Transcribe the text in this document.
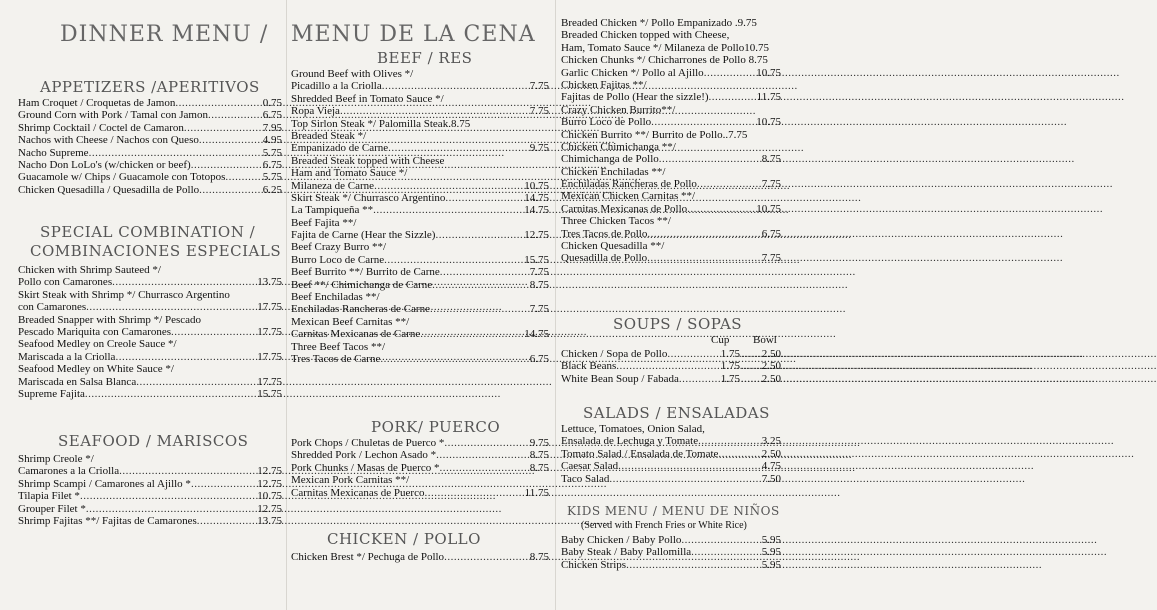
DINNER MENU /
APPETIZERS /APERITIVOS
Ham Croquet / Croquetas de Jamon .....	0.75
Ground Corn with Pork / Tamal con Jamon .....	6.75
Shrimp Cocktail / Coctel de Camaron .....	7.95
Nachos with Cheese / Nachos con Queso .....	4.95
Nacho Supreme .....	5.75
Nacho Don LoLo's (w/chicken or beef) .....	6.75
Guacamole w/ Chips / Guacamole con Totopos .....	5.75
Chicken Quesadilla / Quesadilla de Pollo .....	6.25
SPECIAL COMBINATION /
COMBINACIONES ESPECIALS
Chicken with Shrimp Sauteed */
Pollo con Camarones .....	13.75
Skirt Steak with Shrimp */ Churrasco Argentino
con Camarones .....	17.75
Breaded Snapper with Shrimp */ Pescado
Pescado Mariquita con Camarones .....	17.75
Seafood Medley on Creole Sauce */
Mariscada a la Criolla .....	17.75
Seafood Medley on White Sauce */
Mariscada en Salsa Blanca .....	17.75
Supreme Fajita .....	15.75
SEAFOOD / MARISCOS
Shrimp Creole */
Camarones a la Criolla .....	12.75
Shrimp Scampi / Camarones al Ajillo * .....	12.75
Tilapia Filet * .....	10.75
Grouper Filet * .....	12.75
Shrimp Fajitas **/ Fajitas de Camarones .....	13.75
MENU DE LA CENA
BEEF / RES
Ground Beef with Olives */
Picadillo a la Criolla .....	7.75
Shredded Beef in Tomato Sauce */
Ropa Vieja .....	7.75
Top Sirlon Steak */ Palomilla Steak.8.75
Breaded Steak */
Empanizado de Carne .....	9.75
Breaded Steak topped with Cheese
Ham and Tomato Sauce */
Milaneza de Carne .....	10.75
Skirt Steak */ Churrasco Argentino .....	14.75
La Tampiqueña ** .....	14.75
Beef Fajita **/
Fajita de Carne (Hear the Sizzle) .....	12.75
Beef Crazy Burro **/
Burro Loco de Carne .....	15.75
Beef Burrito **/ Burrito de Carne .....	7.75
Beef **/ Chimichanga de Carne .....	8.75
Beef Enchiladas **/
Enchiladas Rancheras de Carne .....	7.75
Mexican Beef Carnitas **/
Carnitas Mexicanas de Carne .....	14.75
Three Beef Tacos **/
Tres Tacos de Carne .....	6.75
PORK/ PUERCO
Pork Chops / Chuletas de Puerco * .....	9.75
Shredded Pork / Lechon Asado * .....	8.75
Pork Chunks / Masas de Puerco * .....	8.75
Mexican Pork Carnitas **/
Carnitas Mexicanas de Puerco .....	11.75
CHICKEN / POLLO
Chicken Brest */ Pechuga de Pollo .....	8.75
Breaded Chicken */ Pollo Empanizado .9.75
Breaded Chicken topped with Cheese,
Ham, Tomato Sauce */ Milaneza de Pollo10.75
Chicken Chunks */ Chicharrones de Pollo 8.75
Garlic Chicken */ Pollo al Ajillo .....	10.75
Chicken Fajitas **/
Fajitas de Pollo (Hear the sizzle!) .....	11.75
Crazy Chicken Burrito**/
Burro Loco de Pollo .....	10.75
Chicken Burrito **/ Burrito de Pollo..7.75
Chicken Chimichanga **/
Chimichanga de Pollo .....	8.75
Chicken Enchiladas **/
Enchiladas Rancheras de Pollo .....	7.75
Mexican Chicken Carnitas **/
Carnitas Mexicanas de Pollo .....	10.75
Three Chicken Tacos **/
Tres Tacos de Pollo .....	6.75
Chicken Quesadilla **/
Quesadilla de Pollo .....	7.75
SOUPS / SOPAS
Cup Bowl
Chicken / Sopa de Pollo .....	1.75 ..... 2.50
Black Beans .....	1.75 ..... 2.50
White Bean Soup / Fabada .....	1.75 ..... 2.50
SALADS / ENSALADAS
Lettuce, Tomatoes, Onion Salad,
Ensalada de Lechuga y Tomate .....	3.25
Tomato Salad / Ensalada de Tomate .....	2.50
Caesar Salad .....	4.75
Taco Salad .....	7.50
KIDS MENU / MENU DE NIÑOS
(Served with French Fries or White Rice)
Baby Chicken / Baby Pollo .....	5.95
Baby Steak / Baby Pallomilla .....	5.95
Chicken Strips .....	5.95
